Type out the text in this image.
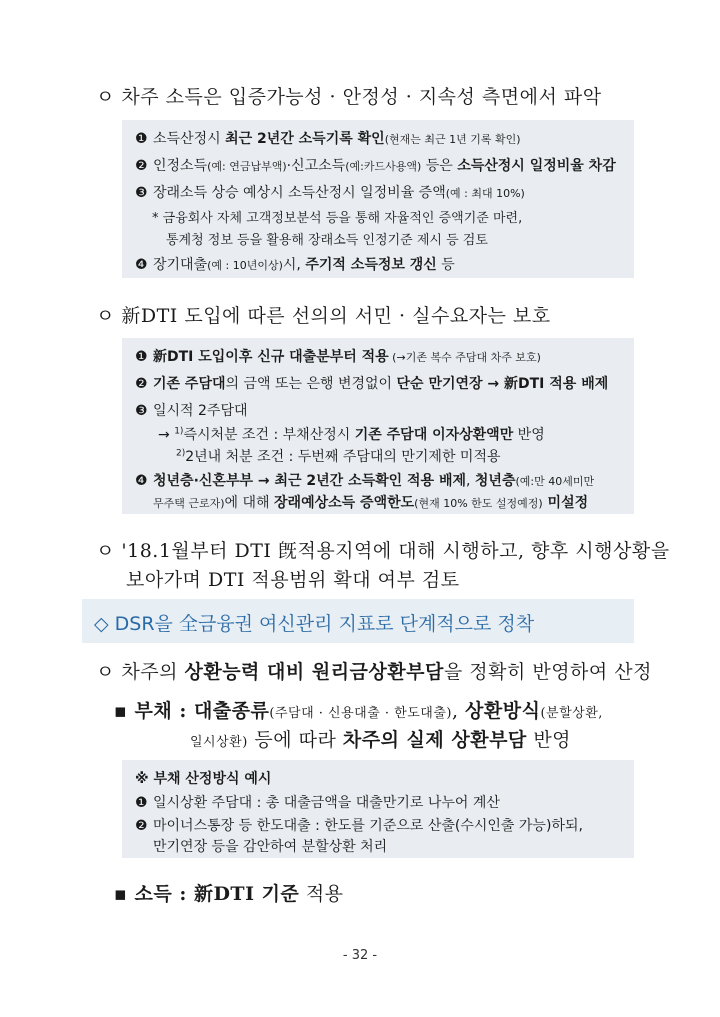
ㅇ 차주 소득은 입증가능성 · 안정성 · 지속성 측면에서 파악
❶ 소득산정시 최근 2년간 소득기록 확인(현재는 최근 1년 기록 확인)
❷ 인정소득(예: 연금납부액)·신고소득(예:카드사용액) 등은 소득산정시 일정비율 차감
❸ 장래소득 상승 예상시 소득산정시 일정비율 증액(예 : 최대 10%)
* 금융회사 자체 고객정보분석 등을 통해 자율적인 증액기준 마련,
통계청 정보 등을 활용해 장래소득 인정기준 제시 등 검토
❹ 장기대출(예 : 10년이상)시, 주기적 소득정보 갱신 등
ㅇ 新DTI 도입에 따른 선의의 서민 · 실수요자는 보호
❶ 新DTI 도입이후 신규 대출분부터 적용 (→기존 복수 주담대 차주 보호)
❷ 기존 주담대의 금액 또는 은행 변경없이 단순 만기연장 → 新DTI 적용 배제
❸ 일시적 2주담대
→ $^{1)}$즉시처분 조건 : 부채산정시 기존 주담대 이자상환액만 반영
$^{2)}$2년내 처분 조건 : 두번째 주담대의 만기제한 미적용
❹ 청년층·신혼부부 → 최근 2년간 소득확인 적용 배제, 청년층(예:만 40세미만
무주택 근로자)에 대해 장래예상소득 증액한도(현재 10% 한도 설정예정) 미설정
ㅇ '18.1월부터 DTI 旣적용지역에 대해 시행하고, 향후 시행상황을
보아가며 DTI 적용범위 확대 여부 검토
◇ DSR을 全금융권 여신관리 지표로 단계적으로 정착
ㅇ 차주의 상환능력 대비 원리금상환부담을 정확히 반영하여 산정
▪ 부채 : 대출종류(주담대 · 신용대출 · 한도대출), 상환방식(분할상환,
일시상환) 등에 따라 차주의 실제 상환부담 반영
※ 부채 산정방식 예시
❶ 일시상환 주담대 : 총 대출금액을 대출만기로 나누어 계산
❷ 마이너스통장 등 한도대출 : 한도를 기준으로 산출(수시인출 가능)하되,
만기연장 등을 감안하여 분할상환 처리
▪ 소득 : 新DTI 기준 적용
- 32 -
